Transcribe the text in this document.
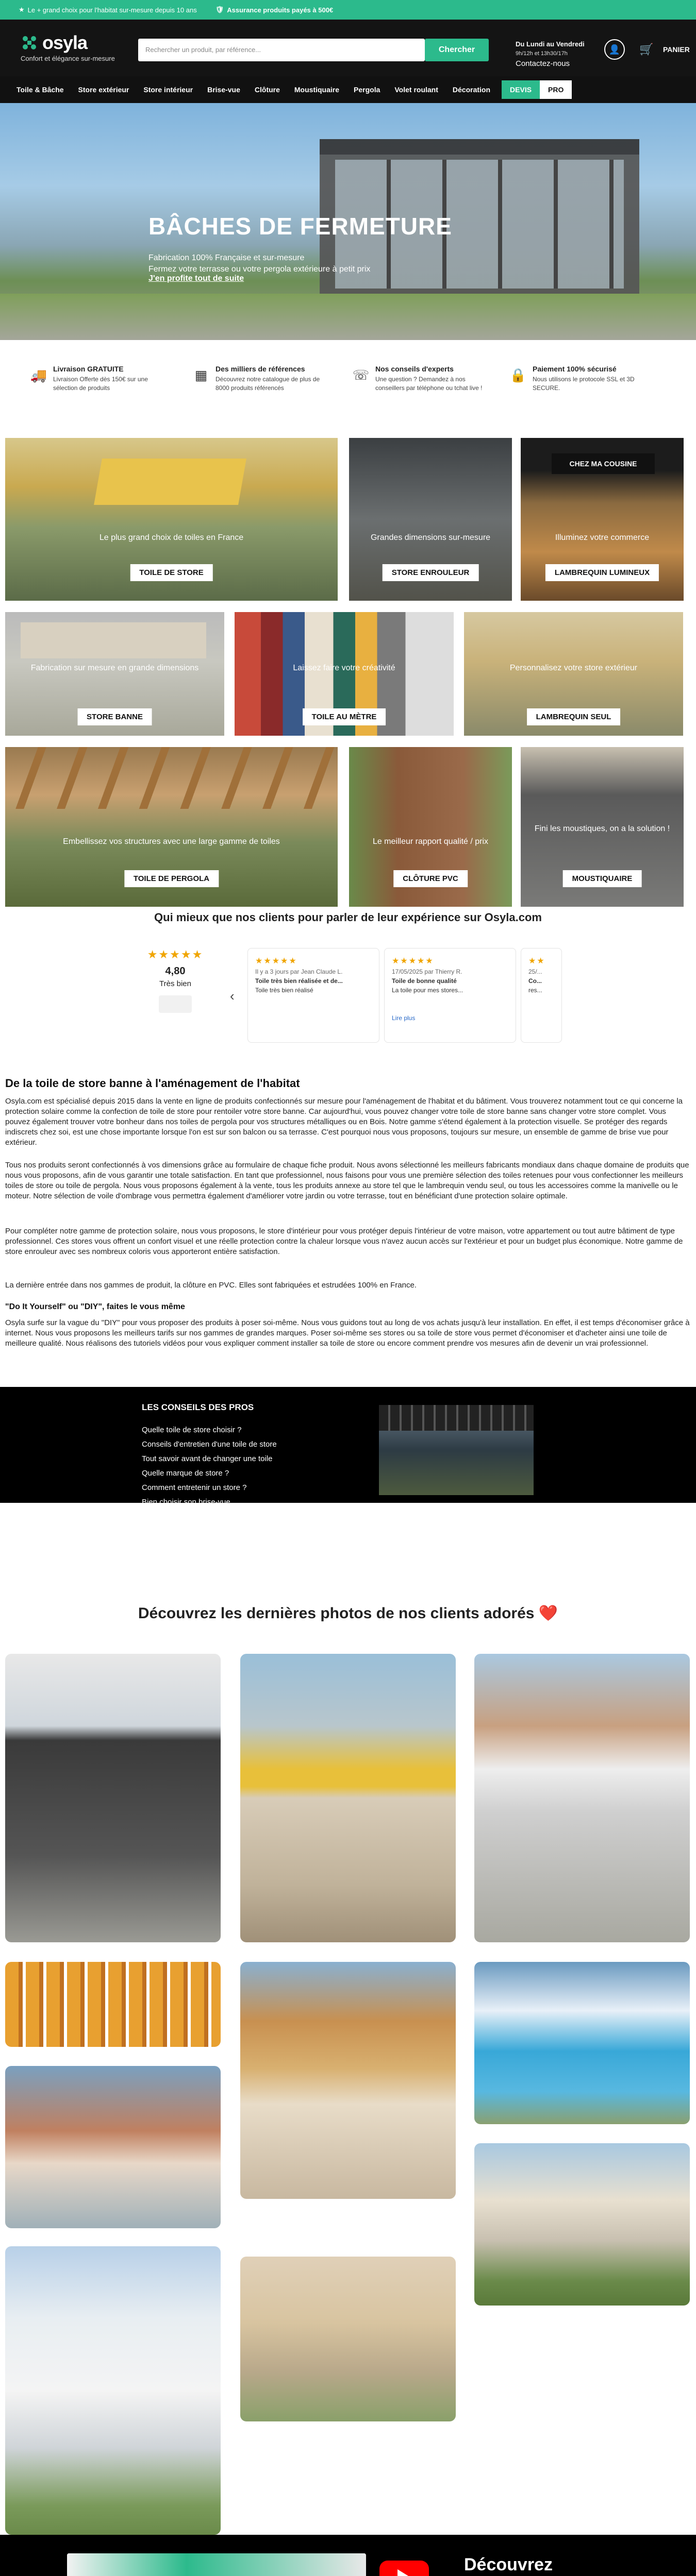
★ Le + grand choix pour l'habitat sur-mesure depuis 10 ans	🛡 Assurance produits payés à 500€
osyla
Confort et élégance sur-mesure
Rechercher un produit, par référence...	Chercher
Du Lundi au Vendredi
9h/12h et 13h30/17h
Contactez-nous
👤	🛒	PANIER
Toile & Bâche	Store extérieur	Store intérieur	Brise-vue	Clôture	Moustiquaire	Pergola	Volet roulant	Décoration	DEVIS	PRO
BÂCHES DE FERMETURE
Fabrication 100% Française et sur-mesure
Fermez votre terrasse ou votre pergola extérieure à petit prix
J'en profite tout de suite
🚚 Livraison GRATUITE
Livraison Offerte dès 150€ sur une sélection de produits
▦	Des milliers de références
Découvrez notre catalogue de plus de 8000 produits référencés
☏ Nos conseils d'experts
Une question ? Demandez à nos conseillers par téléphone ou tchat live !
🔒 Paiement 100% sécurisé
Nous utilisons le protocole SSL et 3D SECURE.
Le plus grand choix de toiles en France
TOILE DE STORE
Grandes dimensions sur-mesure
STORE ENROULEUR
CHEZ MA COUSINE
Illuminez votre commerce
LAMBREQUIN LUMINEUX
Fabrication sur mesure en grande dimensions
STORE BANNE
Laissez faire votre créativité
TOILE AU MÈTRE
Personnalisez votre store extérieur
LAMBREQUIN SEUL
Embellissez vos structures avec une large gamme de toiles
TOILE DE PERGOLA
Le meilleur rapport qualité / prix
CLÔTURE PVC
Fini les moustiques, on a la solution !
MOUSTIQUAIRE
Qui mieux que nos clients pour parler de leur expérience sur Osyla.com
★★★★★
4,80
Très bien
‹
★★★★★
Il y a 3 jours par Jean Claude L.
Toile très bien réalisée et de...
Toile très bien réalisé
★★★★★
17/05/2025 par Thierry R.
Toile de bonne qualité
La toile pour mes stores...
Lire plus
★★
25/...
Co...
res...
De la toile de store banne à l'aménagement de l'habitat
Osyla.com est spécialisé depuis 2015 dans la vente en ligne de produits confectionnés sur mesure pour l'aménagement de l'habitat et du bâtiment. Vous trouverez notamment tout ce qui concerne la protection solaire comme la confection de toile de store pour rentoiler votre store banne. Car aujourd'hui, vous pouvez changer votre toile de store banne sans changer votre store complet. Vous pouvez également trouver votre bonheur dans nos toiles de pergola pour vos structures métalliques ou en Bois. Notre gamme s'étend également à la protection visuelle. Se protéger des regards indiscrets chez soi, est une chose importante lorsque l'on est sur son balcon ou sa terrasse. C'est pourquoi nous vous proposons, toujours sur mesure, un ensemble de gamme de brise vue pour extérieur.
Tous nos produits seront confectionnés à vos dimensions grâce au formulaire de chaque fiche produit. Nous avons sélectionné les meilleurs fabricants mondiaux dans chaque domaine de produits que nous vous proposons, afin de vous garantir une totale satisfaction. En tant que professionnel, nous faisons pour vous une première sélection des toiles retenues pour vous confectionner les meilleurs toiles de store ou toile de pergola. Nous vous proposons également à la vente, tous les produits annexe au store tel que le lambrequin vendu seul, ou tous les accessoires comme la manivelle ou le moteur. Notre sélection de voile d'ombrage vous permettra également d'améliorer votre jardin ou votre terrasse, tout en bénéficiant d'une protection solaire optimale.
Pour compléter notre gamme de protection solaire, nous vous proposons, le store d'intérieur pour vous protéger depuis l'intérieur de votre maison, votre appartement ou tout autre bâtiment de type professionnel. Ces stores vous offrent un confort visuel et une réelle protection contre la chaleur lorsque vous n'avez aucun accès sur l'extérieur et pour un budget plus économique. Notre gamme de store enrouleur avec ses nombreux coloris vous apporteront entière satisfaction.
La dernière entrée dans nos gammes de produit, la clôture en PVC. Elles sont fabriquées et estrudées 100% en France.
"Do It Yourself" ou "DIY", faites le vous même
Osyla surfe sur la vague du "DIY" pour vous proposer des produits à poser soi-même. Nous vous guidons tout au long de vos achats jusqu'à leur installation. En effet, il est temps d'économiser grâce à internet. Nous vous proposons les meilleurs tarifs sur nos gammes de grandes marques. Poser soi-même ses stores ou sa toile de store vous permet d'économiser et d'acheter ainsi une toile de meilleure qualité. Nous réalisons des tutoriels vidéos pour vous expliquer comment installer sa toile de store ou encore comment prendre vos mesures afin de devenir un vrai professionnel.
LES CONSEILS DES PROS
Quelle toile de store choisir ?
Conseils d'entretien d'une toile de store
Tout savoir avant de changer une toile
Quelle marque de store ?
Comment entretenir un store ?
Bien choisir son brise-vue
Comment nettoyer son brise-vue ?
Bien choisir sa clôture de jardin
Quelle hauteur pour sa clôture ?
Découvrez les dernières photos de nos clients adorés ❤️
Découvrez
